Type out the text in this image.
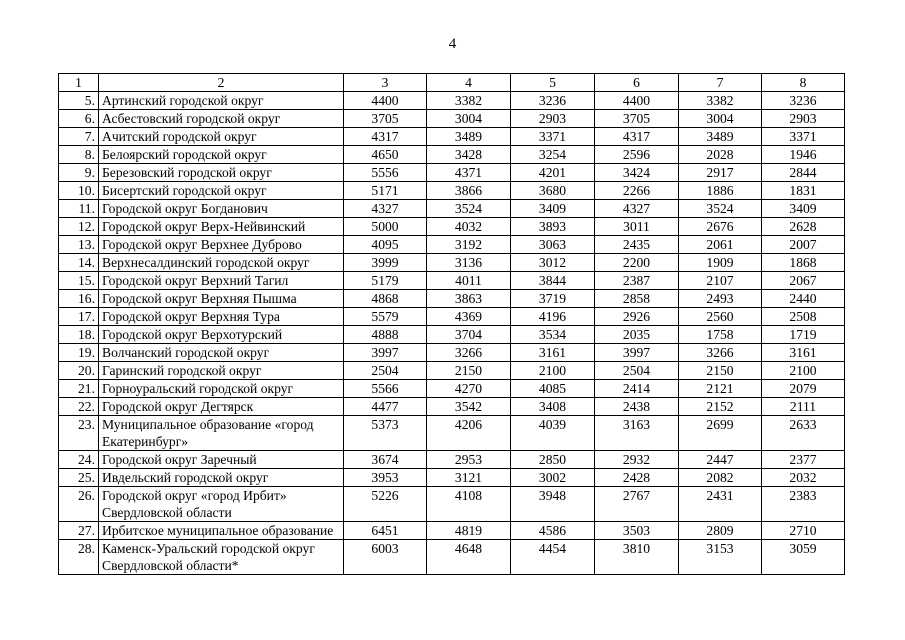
4
1	2	3	4	5	6	7	8
5.	Артинский городской округ	4400	3382	3236	4400	3382	3236
6.	Асбестовский городской округ	3705	3004	2903	3705	3004	2903
7.	Ачитский городской округ	4317	3489	3371	4317	3489	3371
8.	Белоярский городской округ	4650	3428	3254	2596	2028	1946
9.	Березовский городской округ	5556	4371	4201	3424	2917	2844
10.	Бисертский городской округ	5171	3866	3680	2266	1886	1831
11.	Городской округ Богданович	4327	3524	3409	4327	3524	3409
12.	Городской округ Верх-Нейвинский	5000	4032	3893	3011	2676	2628
13.	Городской округ Верхнее Дуброво	4095	3192	3063	2435	2061	2007
14.	Верхнесалдинский городской округ	3999	3136	3012	2200	1909	1868
15.	Городской округ Верхний Тагил	5179	4011	3844	2387	2107	2067
16.	Городской округ Верхняя Пышма	4868	3863	3719	2858	2493	2440
17.	Городской округ Верхняя Тура	5579	4369	4196	2926	2560	2508
18.	Городской округ Верхотурский	4888	3704	3534	2035	1758	1719
19.	Волчанский городской округ	3997	3266	3161	3997	3266	3161
20.	Гаринский городской округ	2504	2150	2100	2504	2150	2100
21.	Горноуральский городской округ	5566	4270	4085	2414	2121	2079
22.	Городской округ Дегтярск	4477	3542	3408	2438	2152	2111
23.	Муниципальное образование «город Екатеринбург»	5373	4206	4039	3163	2699	2633
24.	Городской округ Заречный	3674	2953	2850	2932	2447	2377
25.	Ивдельский городской округ	3953	3121	3002	2428	2082	2032
26.	Городской округ «город Ирбит» Свердловской области	5226	4108	3948	2767	2431	2383
27.	Ирбитское муниципальное образование	6451	4819	4586	3503	2809	2710
28.	Каменск-Уральский городской округ Свердловской области*	6003	4648	4454	3810	3153	3059
